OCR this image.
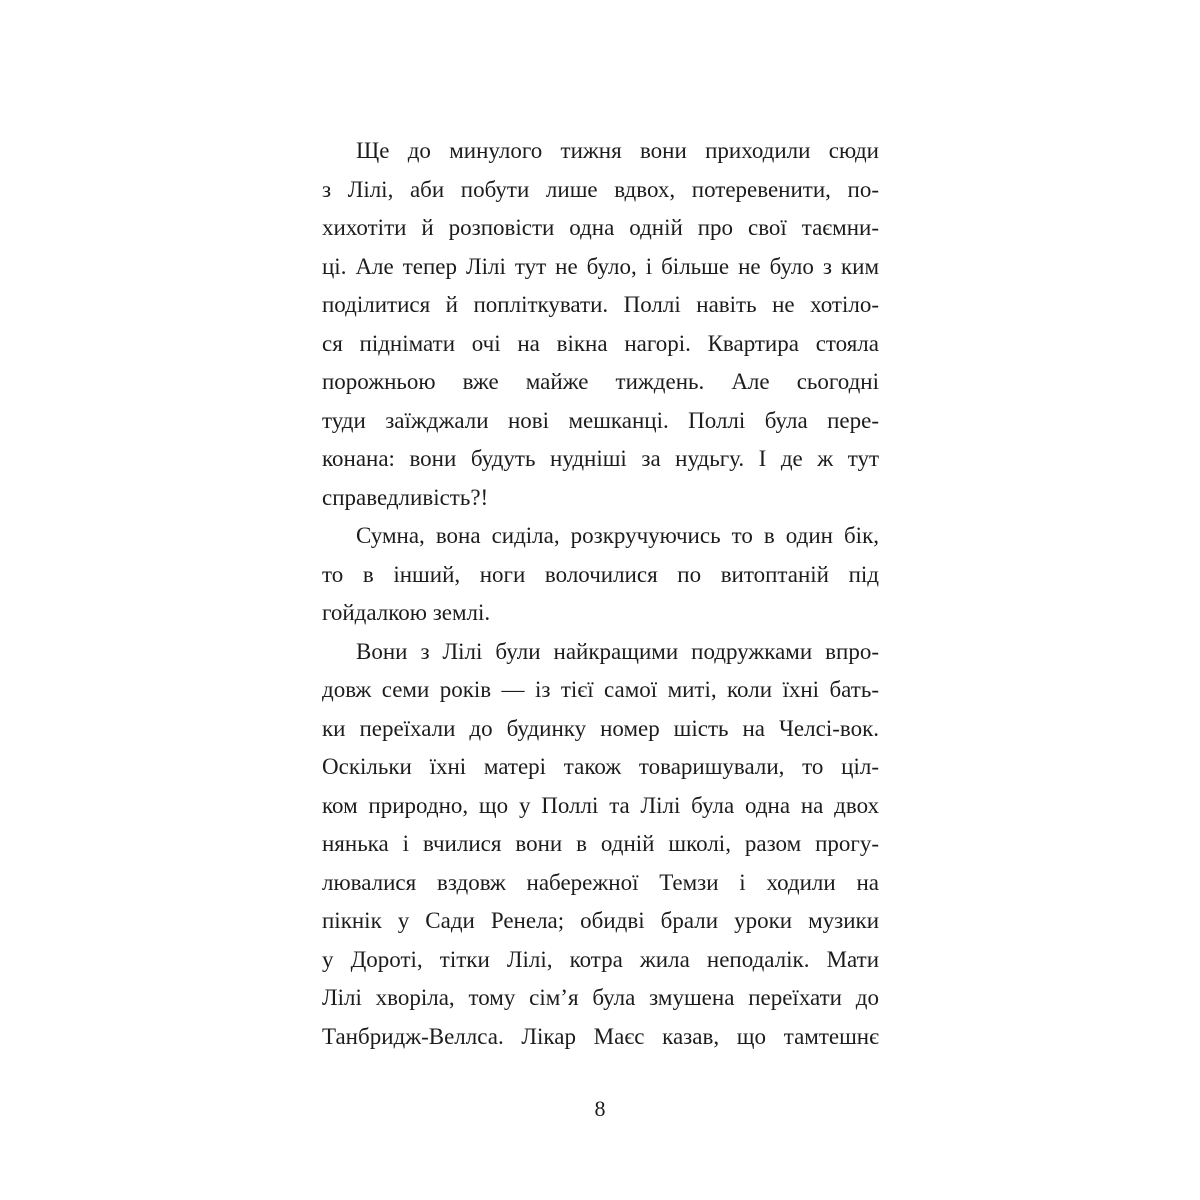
Ще до минулого тижня вони приходили сюди
з Лілі, аби побути лише вдвох, потеревенити, по-
хихотіти й розповісти одна одній про свої таємни-
ці. Але тепер Лілі тут не було, і більше не було з ким
поділитися й попліткувати. Поллі навіть не хотіло-
ся піднімати очі на вікна нагорі. Квартира стояла
порожньою вже майже тиждень. Але сьогодні
туди заїжджали нові мешканці. Поллі була пере-
конана: вони будуть нудніші за нудьгу. І де ж тут
справедливість?!
Сумна, вона сиділа, розкручуючись то в один бік,
то в інший, ноги волочилися по витоптаній під
гойдалкою землі.
Вони з Лілі були найкращими подружками впро-
довж семи років — із тієї самої миті, коли їхні бать-
ки переїхали до будинку номер шість на Челсі-вок.
Оскільки їхні матері також товаришували, то ціл-
ком природно, що у Поллі та Лілі була одна на двох
нянька і вчилися вони в одній школі, разом прогу-
лювалися вздовж набережної Темзи і ходили на
пікнік у Сади Ренела; обидві брали уроки музики
у Дороті, тітки Лілі, котра жила неподалік. Мати
Лілі хворіла, тому сім’я була змушена переїхати до
Танбридж-Веллса. Лікар Маєс казав, що тамтешнє
8
